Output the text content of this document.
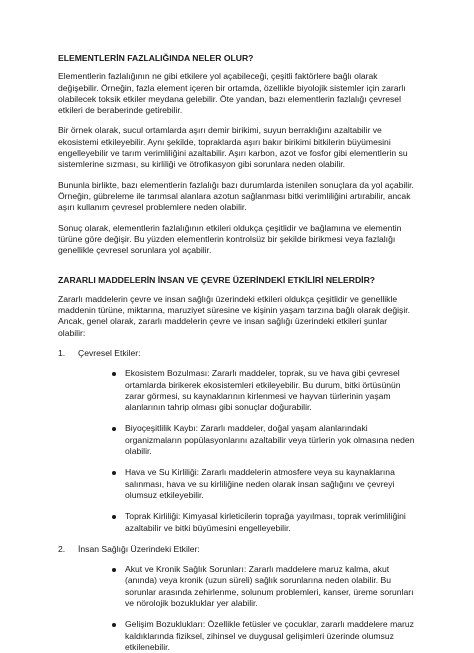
ELEMENTLERİN FAZLALIĞINDA NELER OLUR?

Elementlerin fazlalığının ne gibi etkilere yol açabileceği, çeşitli faktörlere bağlı olarak değişebilir. Örneğin, fazla element içeren bir ortamda, özellikle biyolojik sistemler için zararlı olabilecek toksik etkiler meydana gelebilir. Öte yandan, bazı elementlerin fazlalığı çevresel etkileri de beraberinde getirebilir.

Bir örnek olarak, sucul ortamlarda aşırı demir birikimi, suyun berraklığını azaltabilir ve ekosistemi etkileyebilir. Aynı şekilde, topraklarda aşırı bakır birikimi bitkilerin büyümesini engelleyebilir ve tarım verimliliğini azaltabilir. Aşırı karbon, azot ve fosfor gibi elementlerin su sistemlerine sızması, su kirliliği ve ötrofikasyon gibi sorunlara neden olabilir.

Bununla birlikte, bazı elementlerin fazlalığı bazı durumlarda istenilen sonuçlara da yol açabilir. Örneğin, gübreleme ile tarımsal alanlara azotun sağlanması bitki verimliliğini artırabilir, ancak aşırı kullanım çevresel problemlere neden olabilir.

Sonuç olarak, elementlerin fazlalığının etkileri oldukça çeşitlidir ve bağlamına ve elementin türüne göre değişir. Bu yüzden elementlerin kontrolsüz bir şekilde birikmesi veya fazlalığı genellikle çevresel sorunlara yol açabilir.

ZARARLI MADDELERİN İNSAN VE ÇEVRE ÜZERİNDEKİ ETKİLİRİ NELERDİR?

Zararlı maddelerin çevre ve insan sağlığı üzerindeki etkileri oldukça çeşitlidir ve genellikle maddenin türüne, miktarına, maruziyet süresine ve kişinin yaşam tarzına bağlı olarak değişir. Ancak, genel olarak, zararlı maddelerin çevre ve insan sağlığı üzerindeki etkileri şunlar olabilir:

1. Çevresel Etkiler:
Ekosistem Bozulması: Zararlı maddeler, toprak, su ve hava gibi çevresel ortamlarda birikerek ekosistemleri etkileyebilir. Bu durum, bitki örtüsünün zarar görmesi, su kaynaklarının kirlenmesi ve hayvan türlerinin yaşam alanlarının tahrip olması gibi sonuçlar doğurabilir.
Biyoçeşitlilik Kaybı: Zararlı maddeler, doğal yaşam alanlarındaki organizmaların popülasyonlarını azaltabilir veya türlerin yok olmasına neden olabilir.
Hava ve Su Kirliliği: Zararlı maddelerin atmosfere veya su kaynaklarına salınması, hava ve su kirliliğine neden olarak insan sağlığını ve çevreyi olumsuz etkileyebilir.
Toprak Kirliliği: Kimyasal kirleticilerin toprağa yayılması, toprak verimliliğini azaltabilir ve bitki büyümesini engelleyebilir.
2. İnsan Sağlığı Üzerindeki Etkiler:
Akut ve Kronik Sağlık Sorunları: Zararlı maddelere maruz kalma, akut (anında) veya kronik (uzun süreli) sağlık sorunlarına neden olabilir. Bu sorunlar arasında zehirlenme, solunum problemleri, kanser, üreme sorunları ve nörolojik bozukluklar yer alabilir.
Gelişim Bozuklukları: Özellikle fetüsler ve çocuklar, zararlı maddelere maruz kaldıklarında fiziksel, zihinsel ve duygusal gelişimleri üzerinde olumsuz etkilenebilir.
